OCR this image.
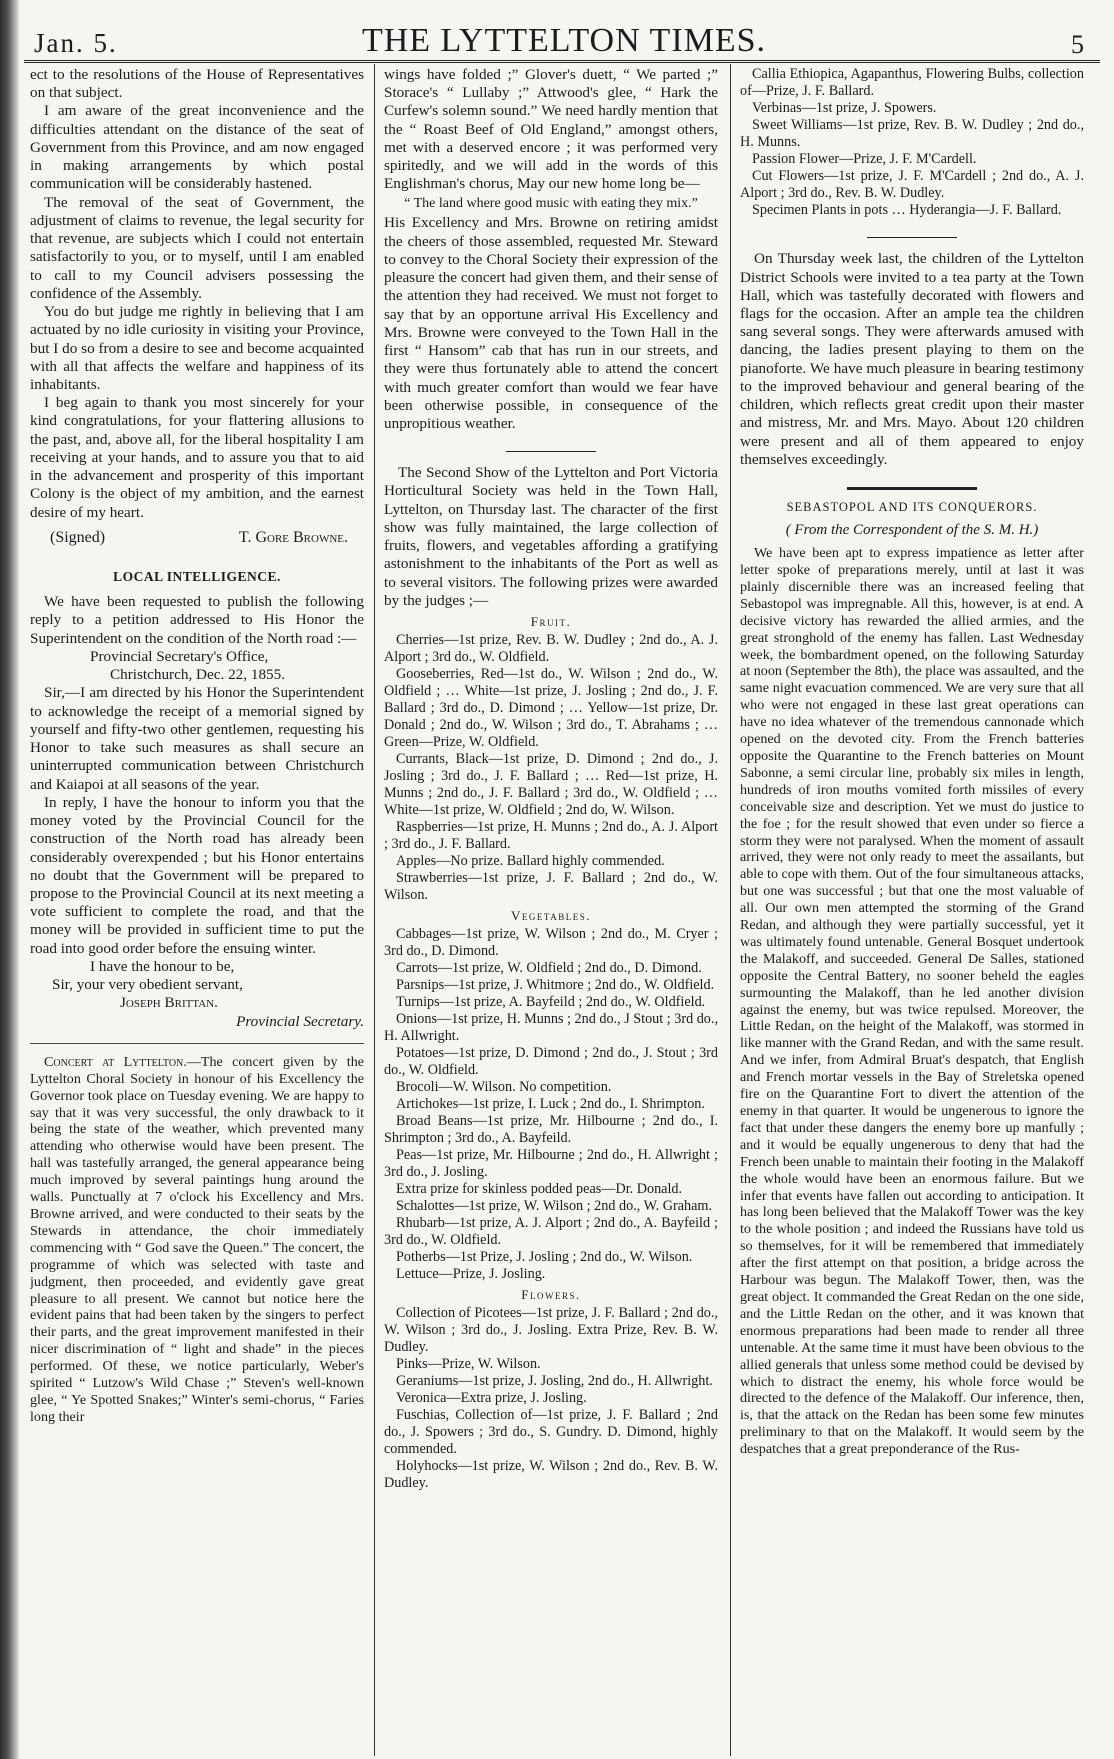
Jan. 5.	THE LYTTELTON TIMES.	5

ect to the resolutions of the House of Representatives on that subject.

I am aware of the great inconvenience and the difficulties attendant on the distance of the seat of Government from this Province, and am now engaged in making arrangements by which postal communication will be considerably hastened.

The removal of the seat of Government, the adjustment of claims to revenue, the legal security for that revenue, are subjects which I could not entertain satisfactorily to you, or to myself, until I am enabled to call to my Council advisers possessing the confidence of the Assembly.

You do but judge me rightly in believing that I am actuated by no idle curiosity in visiting your Province, but I do so from a desire to see and become acquainted with all that affects the welfare and happiness of its inhabitants.

I beg again to thank you most sincerely for your kind congratulations, for your flattering allusions to the past, and, above all, for the liberal hospitality I am receiving at your hands, and to assure you that to aid in the advancement and prosperity of this important Colony is the object of my ambition, and the earnest desire of my heart.

(Signed)	T. Gore Browne.
LOCAL INTELLIGENCE.

We have been requested to publish the following reply to a petition addressed to His Honor the Superintendent on the condition of the North road :—

Provincial Secretary's Office,

Christchurch, Dec. 22, 1855.

Sir,—I am directed by his Honor the Superintendent to acknowledge the receipt of a memorial signed by yourself and fifty-two other gentlemen, requesting his Honor to take such measures as shall secure an uninterrupted communication between Christchurch and Kaiapoi at all seasons of the year.

In reply, I have the honour to inform you that the money voted by the Provincial Council for the construction of the North road has already been considerably overexpended ; but his Honor entertains no doubt that the Government will be prepared to propose to the Provincial Council at its next meeting a vote sufficient to complete the road, and that the money will be provided in sufficient time to put the road into good order before the ensuing winter.

I have the honour to be,

Sir, your very obedient servant,

Joseph Brittan.

Provincial Secretary.

Concert at Lyttelton.—The concert given by the Lyttelton Choral Society in honour of his Excellency the Governor took place on Tuesday evening. We are happy to say that it was very successful, the only drawback to it being the state of the weather, which prevented many attending who otherwise would have been present. The hall was tastefully arranged, the general appearance being much improved by several paintings hung around the walls. Punctually at 7 o'clock his Excellency and Mrs. Browne arrived, and were conducted to their seats by the Stewards in attendance, the choir immediately commencing with “ God save the Queen.” The concert, the programme of which was selected with taste and judgment, then proceeded, and evidently gave great pleasure to all present. We cannot but notice here the evident pains that had been taken by the singers to perfect their parts, and the great improvement manifested in their nicer discrimination of “ light and shade” in the pieces performed. Of these, we notice particularly, Weber's spirited “ Lutzow's Wild Chase ;” Steven's well-known glee, “ Ye Spotted Snakes;” Winter's semi-chorus, “ Faries long their

wings have folded ;” Glover's duett, “ We parted ;” Storace's “ Lullaby ;” Attwood's glee, “ Hark the Curfew's solemn sound.” We need hardly mention that the “ Roast Beef of Old England,” amongst others, met with a deserved encore ; it was performed very spiritedly, and we will add in the words of this Englishman's chorus, May our new home long be—

“ The land where good music with eating they mix.”

His Excellency and Mrs. Browne on retiring amidst the cheers of those assembled, requested Mr. Steward to convey to the Choral Society their expression of the pleasure the concert had given them, and their sense of the attention they had received. We must not forget to say that by an opportune arrival His Excellency and Mrs. Browne were conveyed to the Town Hall in the first “ Hansom” cab that has run in our streets, and they were thus fortunately able to attend the concert with much greater comfort than would we fear have been otherwise possible, in consequence of the unpropitious weather.

The Second Show of the Lyttelton and Port Victoria Horticultural Society was held in the Town Hall, Lyttelton, on Thursday last. The character of the first show was fully maintained, the large collection of fruits, flowers, and vegetables affording a gratifying astonishment to the inhabitants of the Port as well as to several visitors. The following prizes were awarded by the judges ;—

Fruit.

Cherries—1st prize, Rev. B. W. Dudley ; 2nd do., A. J. Alport ; 3rd do., W. Oldfield.

Gooseberries, Red—1st do., W. Wilson ; 2nd do., W. Oldfield ; … White—1st prize, J. Josling ; 2nd do., J. F. Ballard ; 3rd do., D. Dimond ; … Yellow—1st prize, Dr. Donald ; 2nd do., W. Wilson ; 3rd do., T. Abrahams ; … Green—Prize, W. Oldfield.

Currants, Black—1st prize, D. Dimond ; 2nd do., J. Josling ; 3rd do., J. F. Ballard ; … Red—1st prize, H. Munns ; 2nd do., J. F. Ballard ; 3rd do., W. Oldfield ; … White—1st prize, W. Oldfield ; 2nd do, W. Wilson.

Raspberries—1st prize, H. Munns ; 2nd do., A. J. Alport ; 3rd do., J. F. Ballard.

Apples—No prize. Ballard highly commended.

Strawberries—1st prize, J. F. Ballard ; 2nd do., W. Wilson.

Vegetables.

Cabbages—1st prize, W. Wilson ; 2nd do., M. Cryer ; 3rd do., D. Dimond.

Carrots—1st prize, W. Oldfield ; 2nd do., D. Dimond.

Parsnips—1st prize, J. Whitmore ; 2nd do., W. Oldfield.

Turnips—1st prize, A. Bayfeild ; 2nd do., W. Oldfield.

Onions—1st prize, H. Munns ; 2nd do., J Stout ; 3rd do., H. Allwright.

Potatoes—1st prize, D. Dimond ; 2nd do., J. Stout ; 3rd do., W. Oldfield.

Brocoli—W. Wilson. No competition.

Artichokes—1st prize, I. Luck ; 2nd do., I. Shrimpton.

Broad Beans—1st prize, Mr. Hilbourne ; 2nd do., I. Shrimpton ; 3rd do., A. Bayfeild.

Peas—1st prize, Mr. Hilbourne ; 2nd do., H. Allwright ; 3rd do., J. Josling.

Extra prize for skinless podded peas—Dr. Donald.

Schalottes—1st prize, W. Wilson ; 2nd do., W. Graham.

Rhubarb—1st prize, A. J. Alport ; 2nd do., A. Bayfeild ; 3rd do., W. Oldfield.

Potherbs—1st Prize, J. Josling ; 2nd do., W. Wilson.

Lettuce—Prize, J. Josling.

Flowers.

Collection of Picotees—1st prize, J. F. Ballard ; 2nd do., W. Wilson ; 3rd do., J. Josling. Extra Prize, Rev. B. W. Dudley.

Pinks—Prize, W. Wilson.

Geraniums—1st prize, J. Josling, 2nd do., H. Allwright.

Veronica—Extra prize, J. Josling.

Fuschias, Collection of—1st prize, J. F. Ballard ; 2nd do., J. Spowers ; 3rd do., S. Gundry. D. Dimond, highly commended.

Holyhocks—1st prize, W. Wilson ; 2nd do., Rev. B. W. Dudley.

Callia Ethiopica, Agapanthus, Flowering Bulbs, collection of—Prize, J. F. Ballard.

Verbinas—1st prize, J. Spowers.

Sweet Williams—1st prize, Rev. B. W. Dudley ; 2nd do., H. Munns.

Passion Flower—Prize, J. F. M'Cardell.

Cut Flowers—1st prize, J. F. M'Cardell ; 2nd do., A. J. Alport ; 3rd do., Rev. B. W. Dudley.

Specimen Plants in pots … Hyderangia—J. F. Ballard.

On Thursday week last, the children of the Lyttelton District Schools were invited to a tea party at the Town Hall, which was tastefully decorated with flowers and flags for the occasion. After an ample tea the children sang several songs. They were afterwards amused with dancing, the ladies present playing to them on the pianoforte. We have much pleasure in bearing testimony to the improved behaviour and general bearing of the children, which reflects great credit upon their master and mistress, Mr. and Mrs. Mayo. About 120 children were present and all of them appeared to enjoy themselves exceedingly.

SEBASTOPOL AND ITS CONQUERORS.
( From the Correspondent of the S. M. H.)

We have been apt to express impatience as letter after letter spoke of preparations merely, until at last it was plainly discernible there was an increased feeling that Sebastopol was impregnable. All this, however, is at end. A decisive victory has rewarded the allied armies, and the great stronghold of the enemy has fallen. Last Wednesday week, the bombardment opened, on the following Saturday at noon (September the 8th), the place was assaulted, and the same night evacuation commenced. We are very sure that all who were not engaged in these last great operations can have no idea whatever of the tremendous cannonade which opened on the devoted city. From the French batteries opposite the Quarantine to the French batteries on Mount Sabonne, a semi circular line, probably six miles in length, hundreds of iron mouths vomited forth missiles of every conceivable size and description. Yet we must do justice to the foe ; for the result showed that even under so fierce a storm they were not paralysed. When the moment of assault arrived, they were not only ready to meet the assailants, but able to cope with them. Out of the four simultaneous attacks, but one was successful ; but that one the most valuable of all. Our own men attempted the storming of the Grand Redan, and although they were partially successful, yet it was ultimately found untenable. General Bosquet undertook the Malakoff, and succeeded. General De Salles, stationed opposite the Central Battery, no sooner beheld the eagles surmounting the Malakoff, than he led another division against the enemy, but was twice repulsed. Moreover, the Little Redan, on the height of the Malakoff, was stormed in like manner with the Grand Redan, and with the same result. And we infer, from Admiral Bruat's despatch, that English and French mortar vessels in the Bay of Streletska opened fire on the Quarantine Fort to divert the attention of the enemy in that quarter. It would be ungenerous to ignore the fact that under these dangers the enemy bore up manfully ; and it would be equally ungenerous to deny that had the French been unable to maintain their footing in the Malakoff the whole would have been an enormous failure. But we infer that events have fallen out according to anticipation. It has long been believed that the Malakoff Tower was the key to the whole position ; and indeed the Russians have told us so themselves, for it will be remembered that immediately after the first attempt on that position, a bridge across the Harbour was begun. The Malakoff Tower, then, was the great object. It commanded the Great Redan on the one side, and the Little Redan on the other, and it was known that enormous preparations had been made to render all three untenable. At the same time it must have been obvious to the allied generals that unless some method could be devised by which to distract the enemy, his whole force would be directed to the defence of the Malakoff. Our inference, then, is, that the attack on the Redan has been some few minutes preliminary to that on the Malakoff. It would seem by the despatches that a great preponderance of the Rus-
